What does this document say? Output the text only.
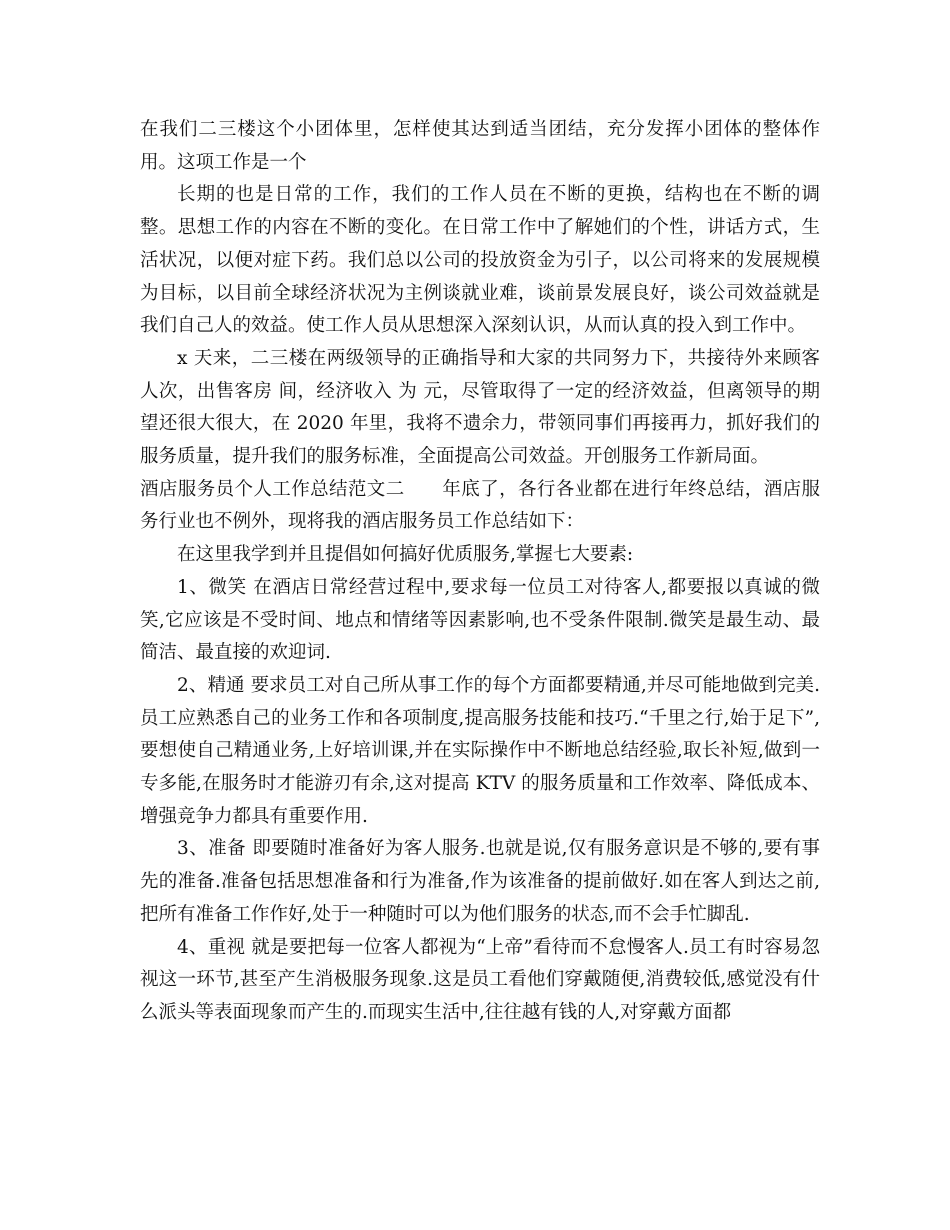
在我们二三楼这个小团体里，怎样使其达到适当团结，充分发挥小团体的整体作用。这项工作是一个

长期的也是日常的工作，我们的工作人员在不断的更换，结构也在不断的调整。思想工作的内容在不断的变化。在日常工作中了解她们的个性，讲话方式，生活状况，以便对症下药。我们总以公司的投放资金为引子，以公司将来的发展规模为目标，以目前全球经济状况为主例谈就业难，谈前景发展良好，谈公司效益就是我们自己人的效益。使工作人员从思想深入深刻认识，从而认真的投入到工作中。

x 天来，二三楼在两级领导的正确指导和大家的共同努力下，共接待外来顾客人次，出售客房 间，经济收入 为 元，尽管取得了一定的经济效益，但离领导的期望还很大很大，在 2020 年里，我将不遗余力，带领同事们再接再力，抓好我们的服务质量，提升我们的服务标准，全面提高公司效益。开创服务工作新局面。

酒店服务员个人工作总结范文二　　年底了，各行各业都在进行年终总结，酒店服务行业也不例外，现将我的酒店服务员工作总结如下：

在这里我学到并且提倡如何搞好优质服务,掌握七大要素:

1、微笑 在酒店日常经营过程中,要求每一位员工对待客人,都要报以真诚的微笑,它应该是不受时间、地点和情绪等因素影响,也不受条件限制.微笑是最生动、最简洁、最直接的欢迎词.

2、精通 要求员工对自己所从事工作的每个方面都要精通,并尽可能地做到完美.员工应熟悉自己的业务工作和各项制度,提高服务技能和技巧.“千里之行,始于足下”,要想使自己精通业务,上好培训课,并在实际操作中不断地总结经验,取长补短,做到一专多能,在服务时才能游刃有余,这对提高 KTV 的服务质量和工作效率、降低成本、增强竞争力都具有重要作用.

3、准备 即要随时准备好为客人服务.也就是说,仅有服务意识是不够的,要有事先的准备.准备包括思想准备和行为准备,作为该准备的提前做好.如在客人到达之前,把所有准备工作作好,处于一种随时可以为他们服务的状态,而不会手忙脚乱.

4、重视 就是要把每一位客人都视为“上帝”看待而不怠慢客人.员工有时容易忽视这一环节,甚至产生消极服务现象.这是员工看他们穿戴随便,消费较低,感觉没有什么派头等表面现象而产生的.而现实生活中,往往越有钱的人,对穿戴方面都
